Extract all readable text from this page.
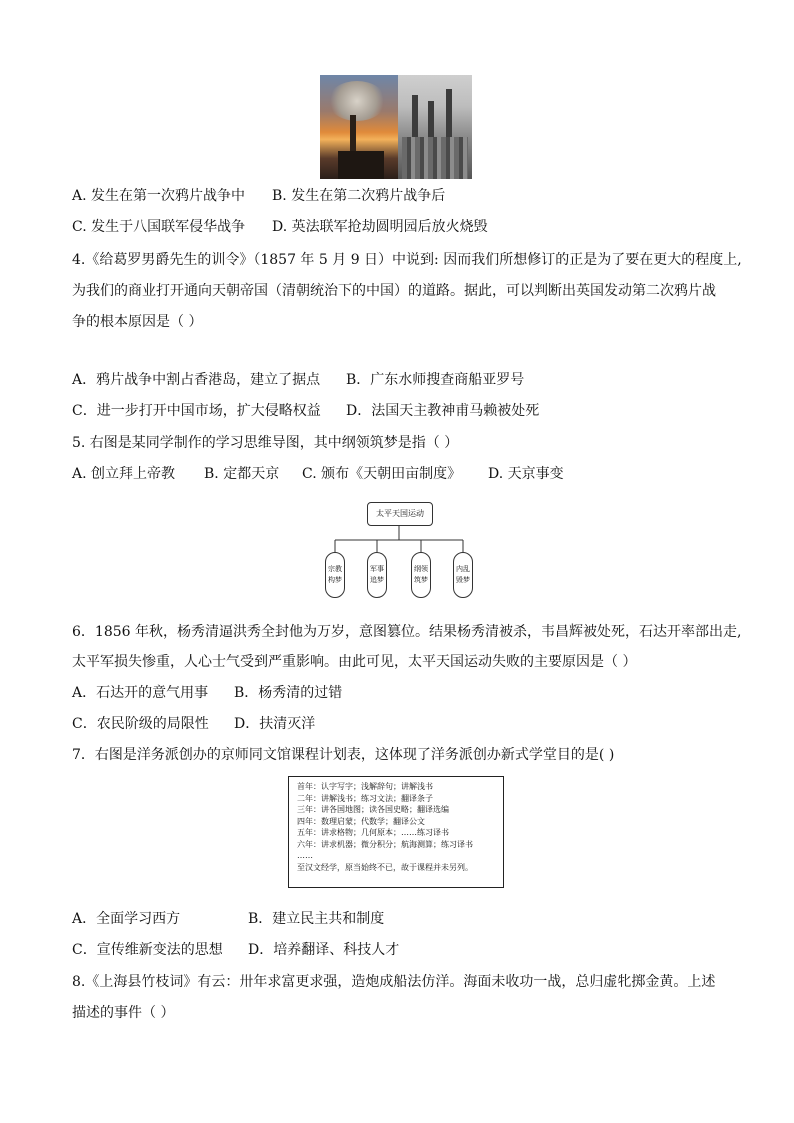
A. 发生在第一次鸦片战争中 B. 发生在第二次鸦片战争后
C. 发生于八国联军侵华战争 D. 英法联军抢劫圆明园后放火烧毁
4.《给葛罗男爵先生的训令》（1857 年 5 月 9 日）中说到: 因而我们所想修订的正是为了要在更大的程度上,
为我们的商业打开通向天朝帝国（清朝统治下的中国）的道路。据此，可以判断出英国发动第二次鸦片战
争的根本原因是（ ）
A．鸦片战争中割占香港岛，建立了据点 B．广东水师搜查商船亚罗号
C．进一步打开中国市场，扩大侵略权益 D．法国天主教神甫马赖被处死
5. 右图是某同学制作的学习思维导图，其中纲领筑梦是指（ ）
A. 创立拜上帝教 B. 定都天京 C. 颁布《天朝田亩制度》 D. 天京事变
太平天国运动
宗教构梦
军事追梦
纲领筑梦
内乱毁梦
6．1856 年秋，杨秀清逼洪秀全封他为万岁，意图篡位。结果杨秀清被杀，韦昌辉被处死，石达开率部出走,
太平军损失惨重，人心士气受到严重影响。由此可见，太平天国运动失败的主要原因是（ ）
A．石达开的意气用事 B．杨秀清的过错
C．农民阶级的局限性 D．扶清灭洋
7．右图是洋务派创办的京师同文馆课程计划表，这体现了洋务派创办新式学堂目的是( )
首年：认字写字；浅解辞句；讲解浅书
二年：讲解浅书；练习文法；翻译条子
三年：讲各国地图；读各国史略；翻译选编
四年：数理启蒙；代数学；翻译公文
五年：讲求格物；几何原本；……练习译书
六年：讲求机器；微分积分；航海测算；练习译书
……
至汉文经学，原当始终不已，故于课程并未另列。
A．全面学习西方	B．建立民主共和制度
C．宣传维新变法的思想 D．培养翻译、科技人才
8.《上海县竹枝词》有云：卅年求富更求强，造炮成船法仿洋。海面未收功一战，总归虚牝掷金黄。上述
描述的事件（ ）
